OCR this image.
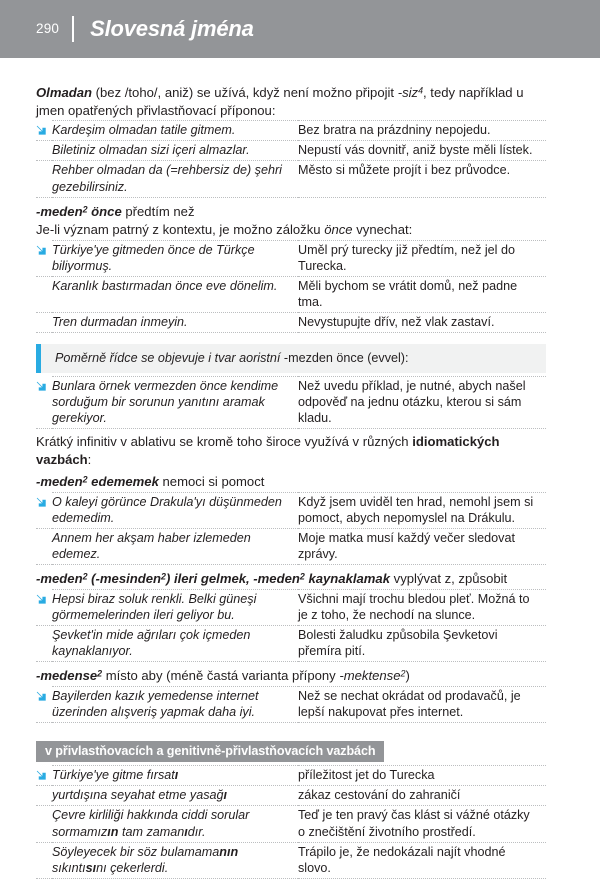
290 Slovesná jména

Olmadan (bez /toho/, aniž) se užívá, když není možno připojit -siz$^4$, tedy například u jmen opatřených přivlastňovací příponou:

	Kardeşim olmadan tatile gitmem.	Bez bratra na prázdniny nepojedu.
	Biletiniz olmadan sizi içeri almazlar.	Nepustí vás dovnitř, aniž byste měli lístek.
	Rehber olmadan da (=rehbersiz de) şehri gezebilirsiniz.	Město si můžete projít i bez průvodce.

-meden$^2$ önce předtím než

Je-li význam patrný z kontextu, je možno záložku önce vynechat:

	Türkiye'ye gitmeden önce de Türkçe biliyormuş.	Uměl prý turecky již předtím, než jel do Turecka.
	Karanlık bastırmadan önce eve dönelim.	Měli bychom se vrátit domů, než padne tma.
	Tren durmadan inmeyin.	Nevystupujte dřív, než vlak zastaví.
Poměrně řídce se objevuje i tvar aoristní -mezden önce (evvel):
	Bunlara örnek vermezden önce kendime sorduğum bir sorunun yanıtını aramak gerekiyor.	Než uvedu příklad, je nutné, abych našel odpověď na jednu otázku, kterou si sám kladu.

Krátký infinitiv v ablativu se kromě toho široce využívá v různých idiomatických vazbách:

-meden$^2$ edememek nemoci si pomoct

	O kaleyi görünce Drakula'yı düşünmeden edemedim.	Když jsem uviděl ten hrad, nemohl jsem si pomoct, abych nepomyslel na Drákulu.
	Annem her akşam haber izlemeden edemez.	Moje matka musí každý večer sledovat zprávy.

-meden$^2$ (-mesinden$^2$) ileri gelmek, -meden$^2$ kaynaklamak vyplývat z, způsobit

	Hepsi biraz soluk renkli. Belki güneşi görmemelerinden ileri geliyor bu.	Všichni mají trochu bledou pleť. Možná to je z toho, že nechodí na slunce.
	Şevket'in mide ağrıları çok içmeden kaynaklanıyor.	Bolesti žaludku způsobila Şevketovi přemíra pití.

-medense$^2$ místo aby (méně častá varianta přípony -mektense$^2$)

	Bayilerden kazık yemedense internet üzerinden alışveriş yapmak daha iyi.	Než se nechat okrádat od prodavačů, je lepší nakupovat přes internet.
v přivlastňovacích a genitivně-přivlastňovacích vazbách
	Türkiye'ye gitme fırsatı	příležitost jet do Turecka
	yurtdışına seyahat etme yasağı	zákaz cestování do zahraničí
	Çevre kirliliği hakkında ciddi sorular sormamızın tam zamanıdır.	Teď je ten pravý čas klást si vážné otázky o znečištění životního prostředí.
	Söyleyecek bir söz bulamamanın sıkıntısını çekerlerdi.	Trápilo je, že nedokázali najít vhodné slovo.
